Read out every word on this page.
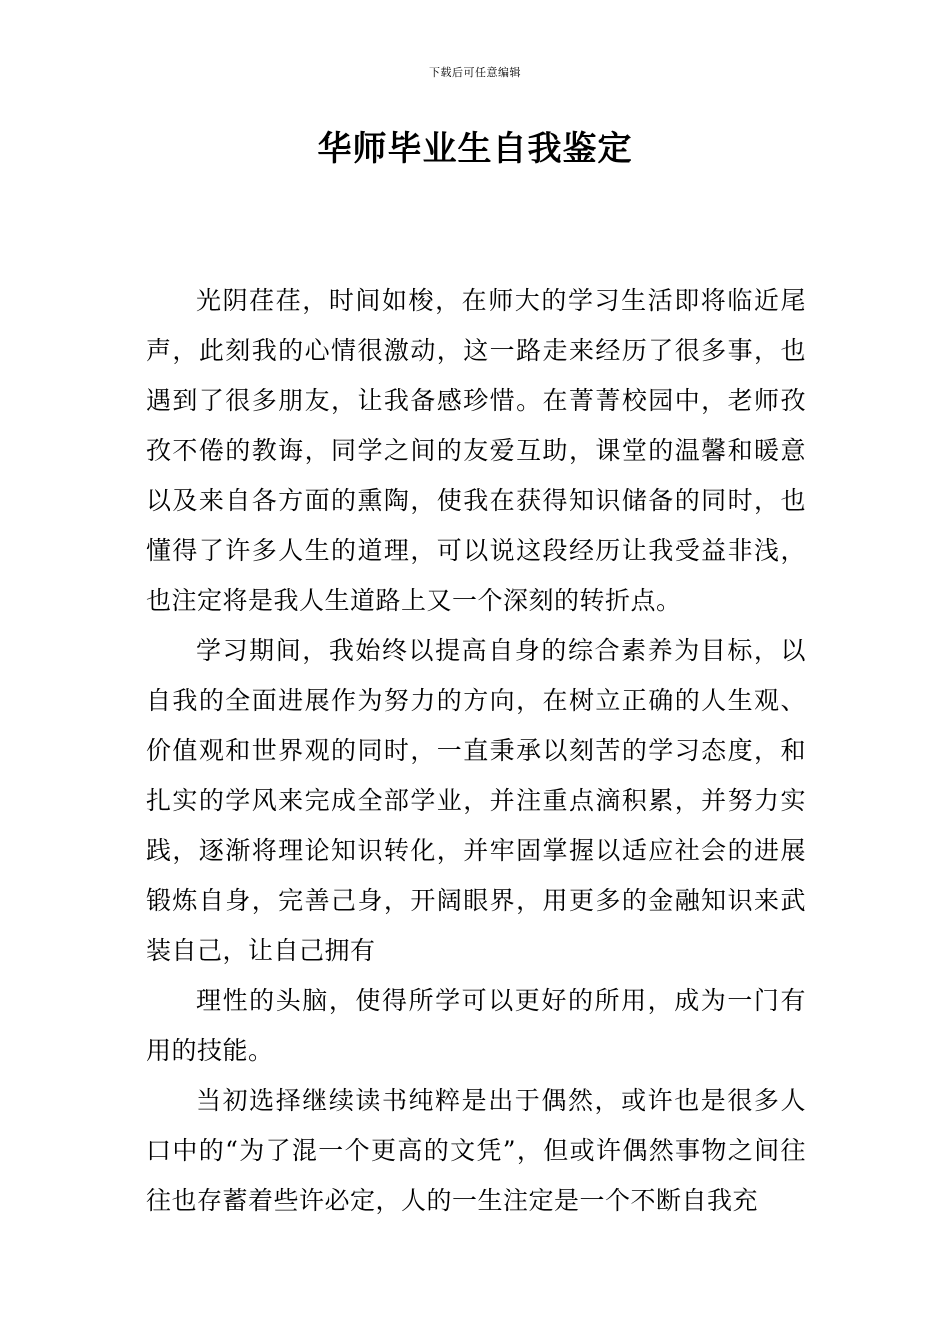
下载后可任意编辑
华师毕业生自我鉴定

光阴荏荏，时间如梭，在师大的学习生活即将临近尾声，此刻我的心情很激动，这一路走来经历了很多事，也遇到了很多朋友，让我备感珍惜。在菁菁校园中，老师孜孜不倦的教诲，同学之间的友爱互助，课堂的温馨和暖意以及来自各方面的熏陶，使我在获得知识储备的同时，也懂得了许多人生的道理，可以说这段经历让我受益非浅，也注定将是我人生道路上又一个深刻的转折点。

学习期间，我始终以提高自身的综合素养为目标，以自我的全面进展作为努力的方向，在树立正确的人生观、价值观和世界观的同时，一直秉承以刻苦的学习态度，和扎实的学风来完成全部学业，并注重点滴积累，并努力实践，逐渐将理论知识转化，并牢固掌握以适应社会的进展锻炼自身，完善己身，开阔眼界，用更多的金融知识来武装自己，让自己拥有

理性的头脑，使得所学可以更好的所用，成为一门有用的技能。

当初选择继续读书纯粹是出于偶然，或许也是很多人口中的“为了混一个更高的文凭”，但或许偶然事物之间往往也存蓄着些许必定，人的一生注定是一个不断自我充
